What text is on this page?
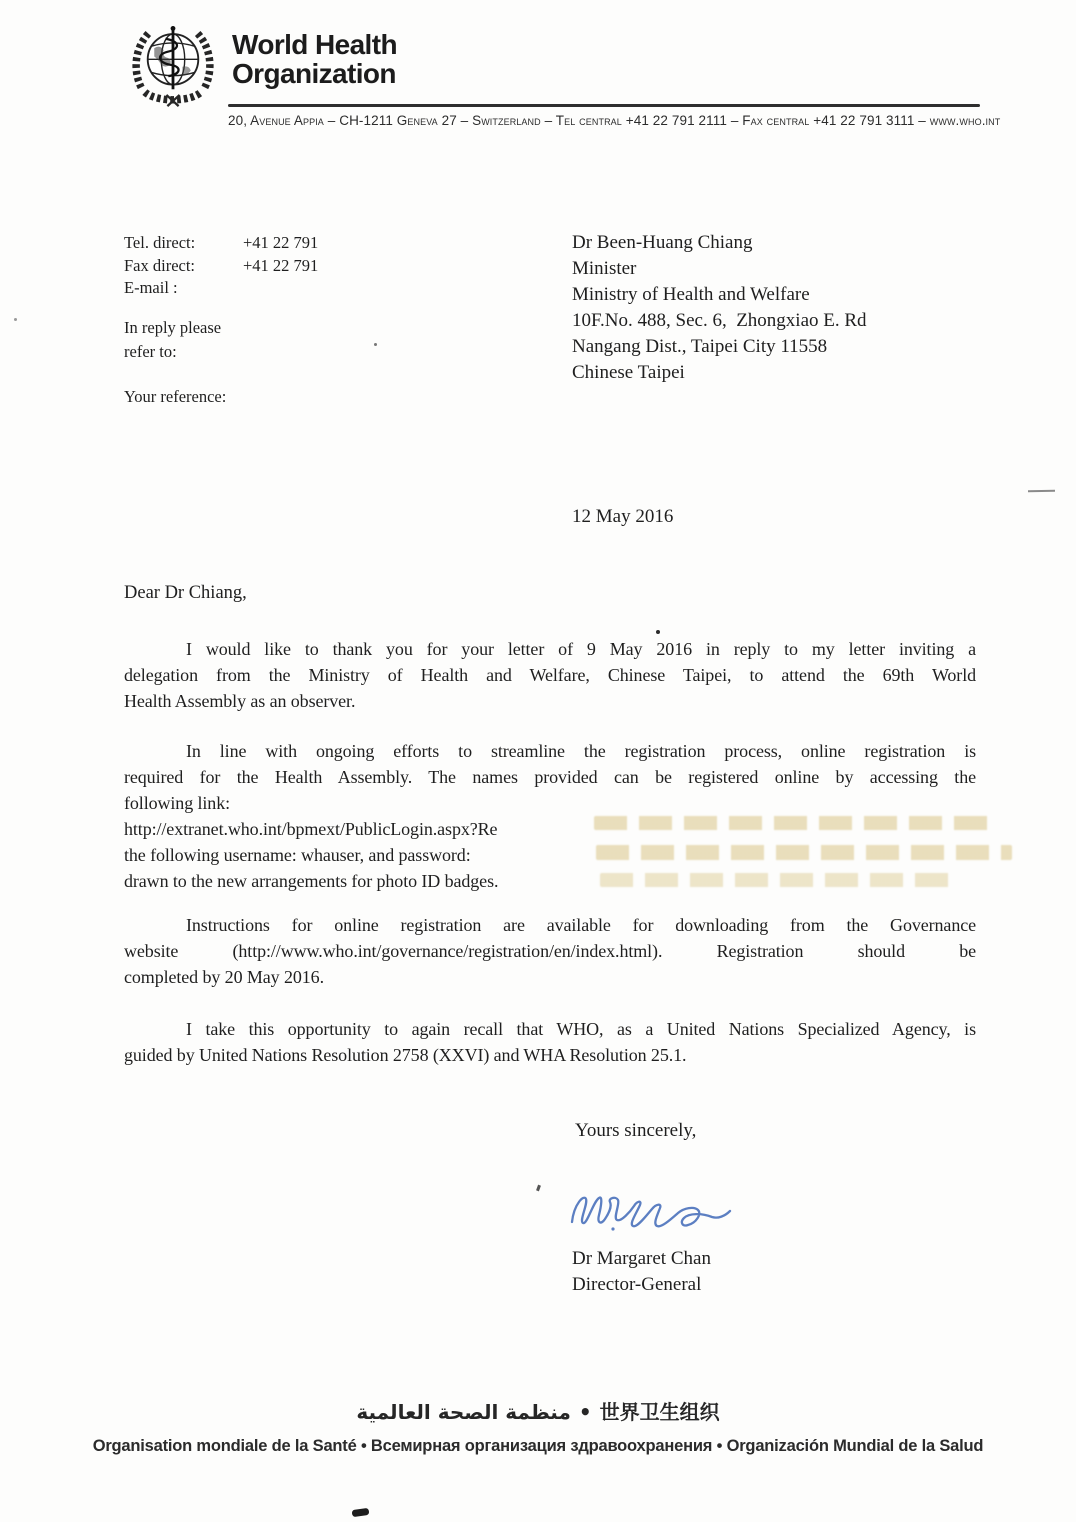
World Health
Organization
20, Avenue Appia – CH-1211 Geneva 27 – Switzerland – Tel central +41 22 791 2111 – Fax central +41 22 791 3111 – www.who.int
Tel. direct:	+41 22 791
Fax direct:	+41 22 791
E-mail :
In reply please
refer to:
Your reference:
Dr Been-Huang Chiang
Minister
Ministry of Health and Welfare
10F.No. 488, Sec. 6,  Zhongxiao E. Rd
Nangang Dist., Taipei City 11558
Chinese Taipei
12 May 2016
Dear Dr Chiang,
I would like to thank you for your letter of 9 May 2016 in reply to my letter inviting a
delegation from the Ministry of Health and Welfare, Chinese Taipei, to attend the 69th World
Health Assembly as an observer.
In line with ongoing efforts to streamline the registration process, online registration is
required for the Health Assembly. The names provided can be registered online by accessing the
following link:
http://extranet.who.int/bpmext/PublicLogin.aspx?Re
the following username: whauser, and password:
drawn to the new arrangements for photo ID badges.
Instructions for online registration are available for downloading from the Governance
website (http://www.who.int/governance/registration/en/index.html). Registration should be
completed by 20 May 2016.
I take this opportunity to again recall that WHO, as a United Nations Specialized Agency, is
guided by United Nations Resolution 2758 (XXVI) and WHA Resolution 25.1.
Yours sincerely,
Dr Margaret Chan
Director-General
منظمة الصحة العالمية • 世界卫生组织
Organisation mondiale de la Santé • Всемирная организация здравоохранения • Organización Mundial de la Salud
